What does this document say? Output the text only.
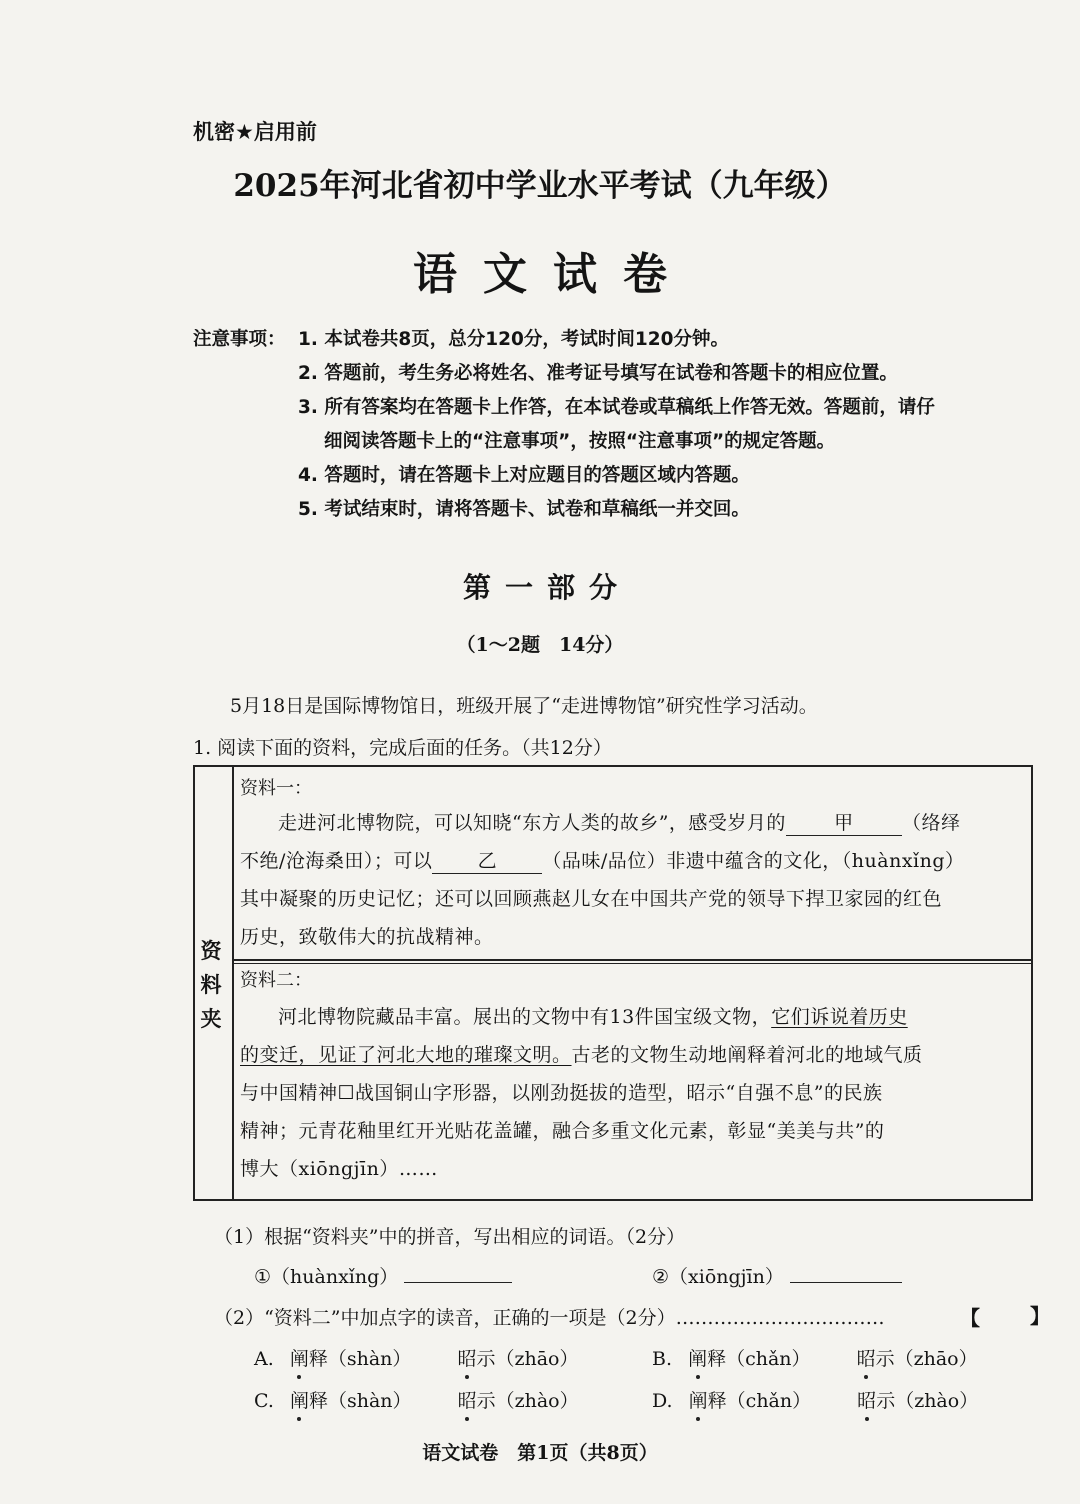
机密★启用前
2025年河北省初中学业水平考试（九年级）
语文试卷
注意事项： 1. 本试卷共8页，总分120分，考试时间120分钟。
2. 答题前，考生务必将姓名、准考证号填写在试卷和答题卡的相应位置。
3. 所有答案均在答题卡上作答，在本试卷或草稿纸上作答无效。答题前，请仔
细阅读答题卡上的“注意事项”，按照“注意事项”的规定答题。
4. 答题时，请在答题卡上对应题目的答题区域内答题。
5. 考试结束时，请将答题卡、试卷和草稿纸一并交回。
第一部分
（1～2题　14分）
5月18日是国际博物馆日，班级开展了“走进博物馆”研究性学习活动。
1. 阅读下面的资料，完成后面的任务。（共12分）
资
料
夹
资料一：
走进河北博物院，可以知晓“东方人类的故乡”，感受岁月的	甲	（络绎
不绝/沧海桑田）；可以 乙 （品味/品位）非遗中蕴含的文化，（huànxǐng）
其中凝聚的历史记忆；还可以回顾燕赵儿女在中国共产党的领导下捍卫家园的红色
历史，致敬伟大的抗战精神。
资料二：
河北博物院藏品丰富。展出的文物中有13件国宝级文物，它们诉说着历史
的变迁，见证了河北大地的璀璨文明。古老的文物生动地阐释着河北的地域气质
与中国精神☐战国铜山字形器，以刚劲挺拔的造型，昭示“自强不息”的民族
精神；元青花釉里红开光贴花盖罐，融合多重文化元素，彰显“美美与共”的
博大（xiōngjīn）……
（1）根据“资料夹”中的拼音，写出相应的词语。（2分）
①（huànxǐng）	②（xiōngjīn）
（2）“资料二”中加点字的读音，正确的一项是（2分）……………………………	【	】
A. 阐释（shàn） 昭示（zhāo）	B. 阐释（chǎn） 昭示（zhāo）
C. 阐释（shàn） 昭示（zhào）	D. 阐释（chǎn） 昭示（zhào）
语文试卷　第1页（共8页）
